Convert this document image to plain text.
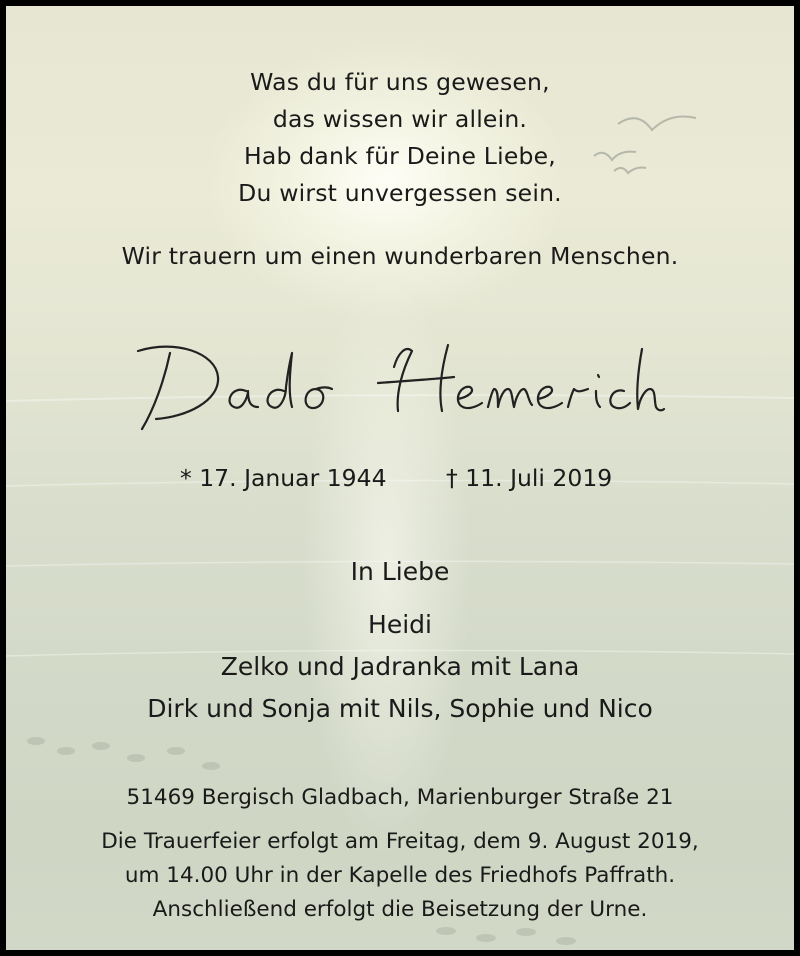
Was du für uns gewesen,
das wissen wir allein.
Hab dank für Deine Liebe,
Du wirst unvergessen sein.
Wir trauern um einen wunderbaren Menschen.
* 17. Januar 1944	† 11. Juli 2019
In Liebe
Heidi
Zelko und Jadranka mit Lana
Dirk und Sonja mit Nils, Sophie und Nico
51469 Bergisch Gladbach, Marienburger Straße 21
Die Trauerfeier erfolgt am Freitag, dem 9. August 2019,
um 14.00 Uhr in der Kapelle des Friedhofs Paffrath.
Anschließend erfolgt die Beisetzung der Urne.
